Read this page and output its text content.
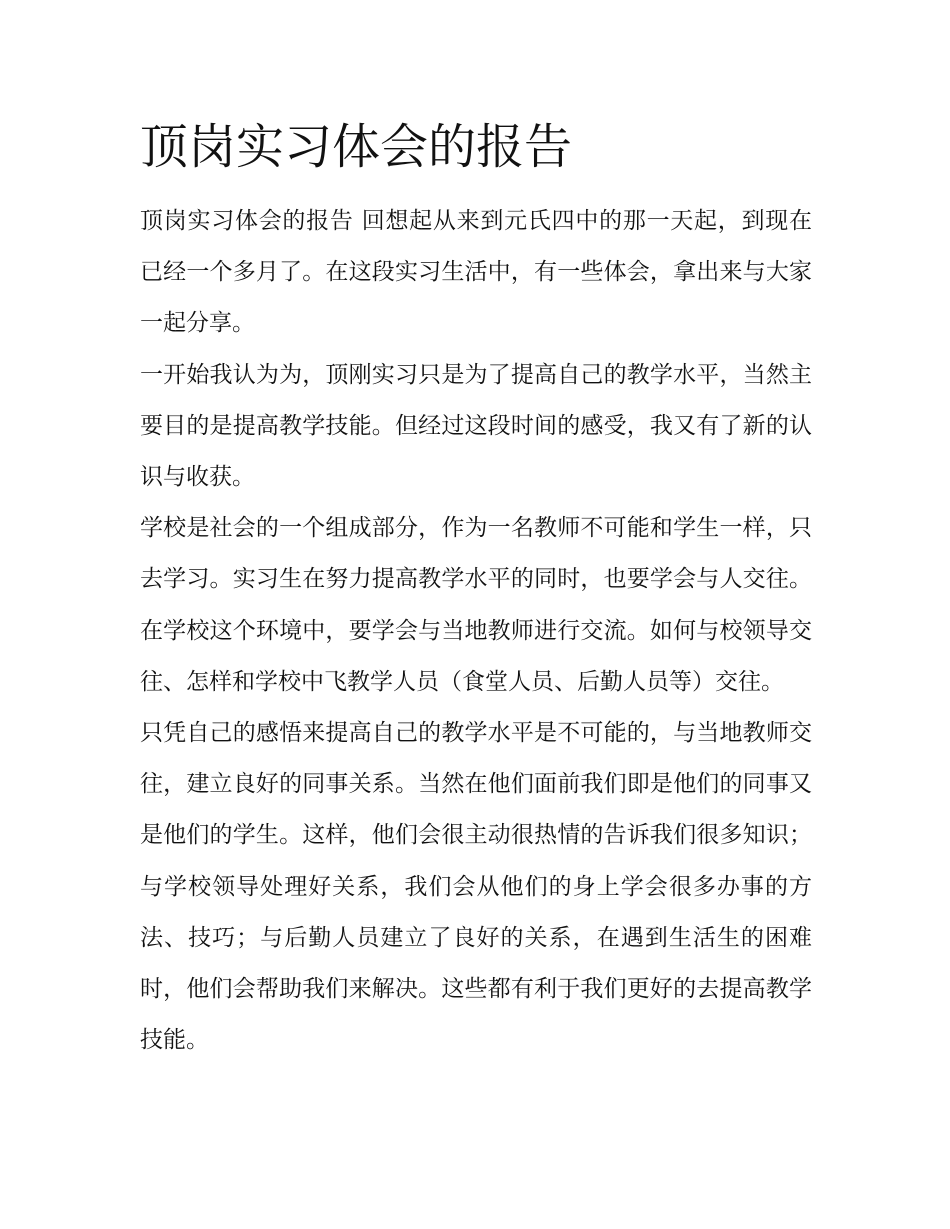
顶岗实习体会的报告

顶岗实习体会的报告 回想起从来到元氏四中的那一天起，到现在已经一个多月了。在这段实习生活中，有一些体会，拿出来与大家一起分享。

一开始我认为为，顶刚实习只是为了提高自己的教学水平，当然主要目的是提高教学技能。但经过这段时间的感受，我又有了新的认识与收获。

学校是社会的一个组成部分，作为一名教师不可能和学生一样，只去学习。实习生在努力提高教学水平的同时，也要学会与人交往。在学校这个环境中，要学会与当地教师进行交流。如何与校领导交往、怎样和学校中飞教学人员（食堂人员、后勤人员等）交往。

只凭自己的感悟来提高自己的教学水平是不可能的，与当地教师交往，建立良好的同事关系。当然在他们面前我们即是他们的同事又是他们的学生。这样，他们会很主动很热情的告诉我们很多知识；与学校领导处理好关系，我们会从他们的身上学会很多办事的方法、技巧；与后勤人员建立了良好的关系，在遇到生活生的困难时，他们会帮助我们来解决。这些都有利于我们更好的去提高教学技能。
